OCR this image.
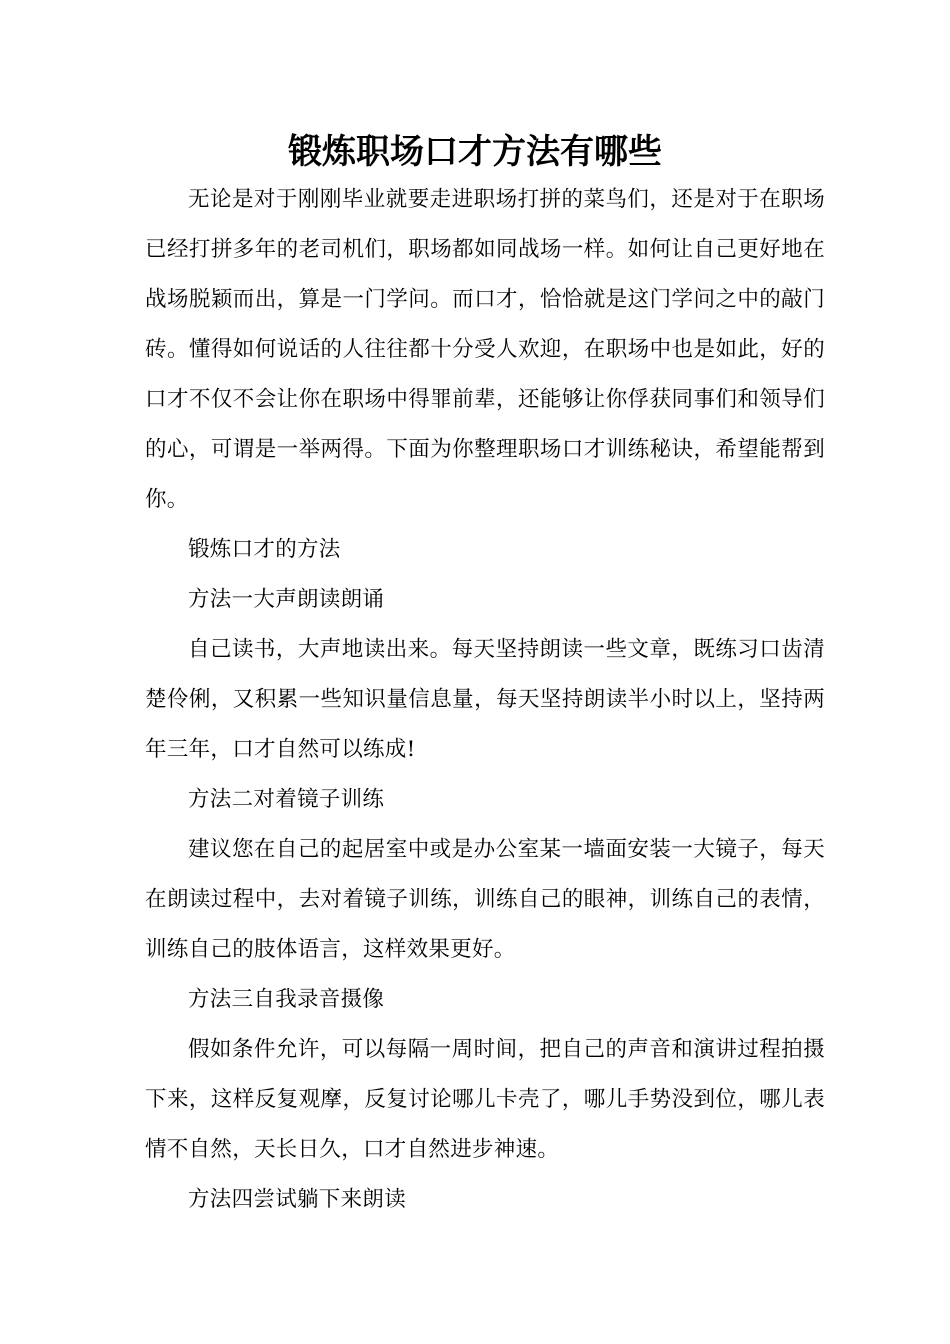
锻炼职场口才方法有哪些

无论是对于刚刚毕业就要走进职场打拼的菜鸟们，还是对于在职场已经打拼多年的老司机们，职场都如同战场一样。如何让自己更好地在战场脱颖而出，算是一门学问。而口才，恰恰就是这门学问之中的敲门砖。懂得如何说话的人往往都十分受人欢迎，在职场中也是如此，好的口才不仅不会让你在职场中得罪前辈，还能够让你俘获同事们和领导们的心，可谓是一举两得。下面为你整理职场口才训练秘诀，希望能帮到你。

锻炼口才的方法

方法一大声朗读朗诵

自己读书，大声地读出来。每天坚持朗读一些文章，既练习口齿清楚伶俐，又积累一些知识量信息量，每天坚持朗读半小时以上，坚持两年三年，口才自然可以练成!

方法二对着镜子训练

建议您在自己的起居室中或是办公室某一墙面安装一大镜子，每天在朗读过程中，去对着镜子训练，训练自己的眼神，训练自己的表情，训练自己的肢体语言，这样效果更好。

方法三自我录音摄像

假如条件允许，可以每隔一周时间，把自己的声音和演讲过程拍摄下来，这样反复观摩，反复讨论哪儿卡壳了，哪儿手势没到位，哪儿表情不自然，天长日久，口才自然进步神速。

方法四尝试躺下来朗读
